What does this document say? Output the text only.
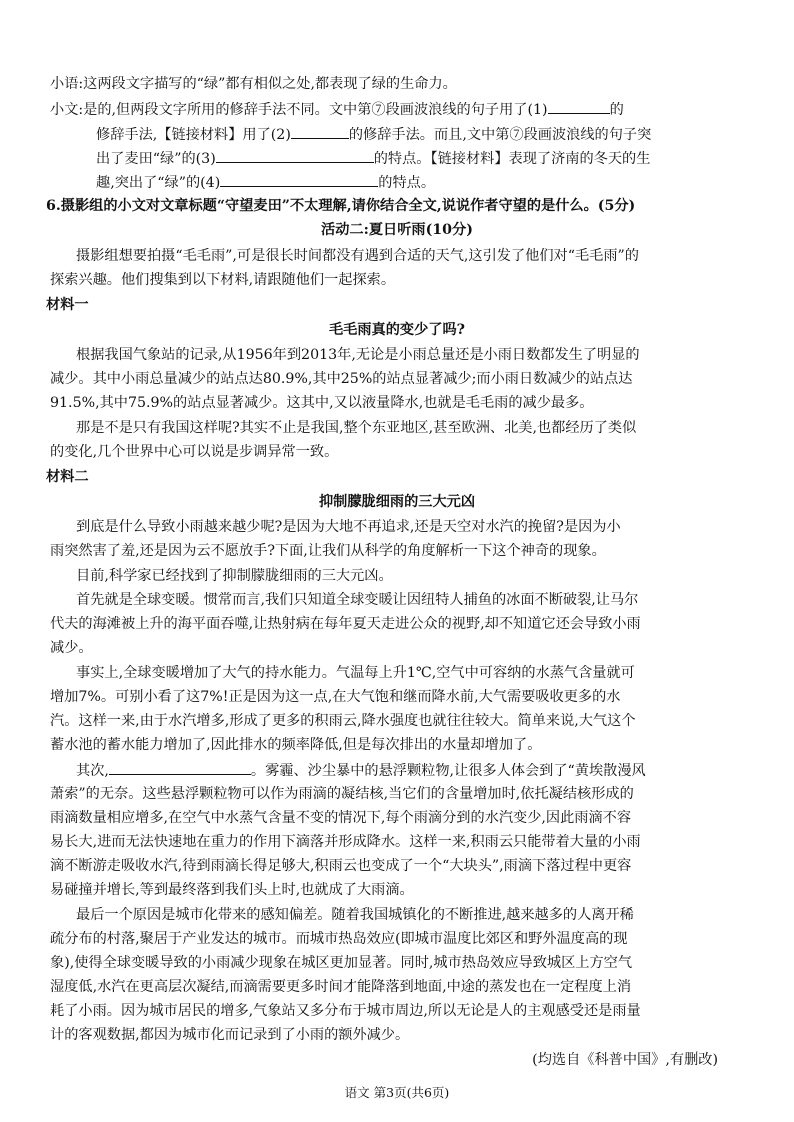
小语:这两段文字描写的“绿”都有相似之处,都表现了绿的生命力。
小文:是的,但两段文字所用的修辞手法不同。文中第⑦段画波浪线的句子用了(1)	的
修辞手法,【链接材料】用了(2)	的修辞手法。而且,文中第⑦段画波浪线的句子突
出了麦田“绿”的(3)	的特点。【链接材料】表现了济南的冬天的生
趣,突出了“绿”的(4)	的特点。
6.摄影组的小文对文章标题“守望麦田”不太理解,请你结合全文,说说作者守望的是什么。(5分)
活动二:夏日听雨(10分)
摄影组想要拍摄“毛毛雨”,可是很长时间都没有遇到合适的天气,这引发了他们对“毛毛雨”的
探索兴趣。他们搜集到以下材料,请跟随他们一起探索。
材料一
毛毛雨真的变少了吗?
根据我国气象站的记录,从1956年到2013年,无论是小雨总量还是小雨日数都发生了明显的
减少。其中小雨总量减少的站点达80.9%,其中25%的站点显著减少;而小雨日数减少的站点达
91.5%,其中75.9%的站点显著减少。这其中,又以液量降水,也就是毛毛雨的减少最多。
那是不是只有我国这样呢?其实不止是我国,整个东亚地区,甚至欧洲、北美,也都经历了类似
的变化,几个世界中心可以说是步调异常一致。
材料二
抑制朦胧细雨的三大元凶
到底是什么导致小雨越来越少呢?是因为大地不再追求,还是天空对水汽的挽留?是因为小
雨突然害了羞,还是因为云不愿放手?下面,让我们从科学的角度解析一下这个神奇的现象。
目前,科学家已经找到了抑制朦胧细雨的三大元凶。
首先就是全球变暖。惯常而言,我们只知道全球变暖让因纽特人捕鱼的冰面不断破裂,让马尔
代夫的海滩被上升的海平面吞噬,让热射病在每年夏天走进公众的视野,却不知道它还会导致小雨
减少。
事实上,全球变暖增加了大气的持水能力。气温每上升1℃,空气中可容纳的水蒸气含量就可
增加7%。可别小看了这7%!正是因为这一点,在大气饱和继而降水前,大气需要吸收更多的水
汽。这样一来,由于水汽增多,形成了更多的积雨云,降水强度也就往往较大。简单来说,大气这个
蓄水池的蓄水能力增加了,因此排水的频率降低,但是每次排出的水量却增加了。
其次,	。雾霾、沙尘暴中的悬浮颗粒物,让很多人体会到了“黄埃散漫风
萧索”的无奈。这些悬浮颗粒物可以作为雨滴的凝结核,当它们的含量增加时,依托凝结核形成的
雨滴数量相应增多,在空气中水蒸气含量不变的情况下,每个雨滴分到的水汽变少,因此雨滴不容
易长大,进而无法快速地在重力的作用下滴落并形成降水。这样一来,积雨云只能带着大量的小雨
滴不断游走吸收水汽,待到雨滴长得足够大,积雨云也变成了一个“大块头”,雨滴下落过程中更容
易碰撞并增长,等到最终落到我们头上时,也就成了大雨滴。
最后一个原因是城市化带来的感知偏差。随着我国城镇化的不断推进,越来越多的人离开稀
疏分布的村落,聚居于产业发达的城市。而城市热岛效应(即城市温度比郊区和野外温度高的现
象),使得全球变暖导致的小雨减少现象在城区更加显著。同时,城市热岛效应导致城区上方空气
湿度低,水汽在更高层次凝结,而滴需要更多时间才能降落到地面,中途的蒸发也在一定程度上消
耗了小雨。因为城市居民的增多,气象站又多分布于城市周边,所以无论是人的主观感受还是雨量
计的客观数据,都因为城市化而记录到了小雨的额外减少。
(均选自《科普中国》,有删改)
语文 第3页(共6页)
